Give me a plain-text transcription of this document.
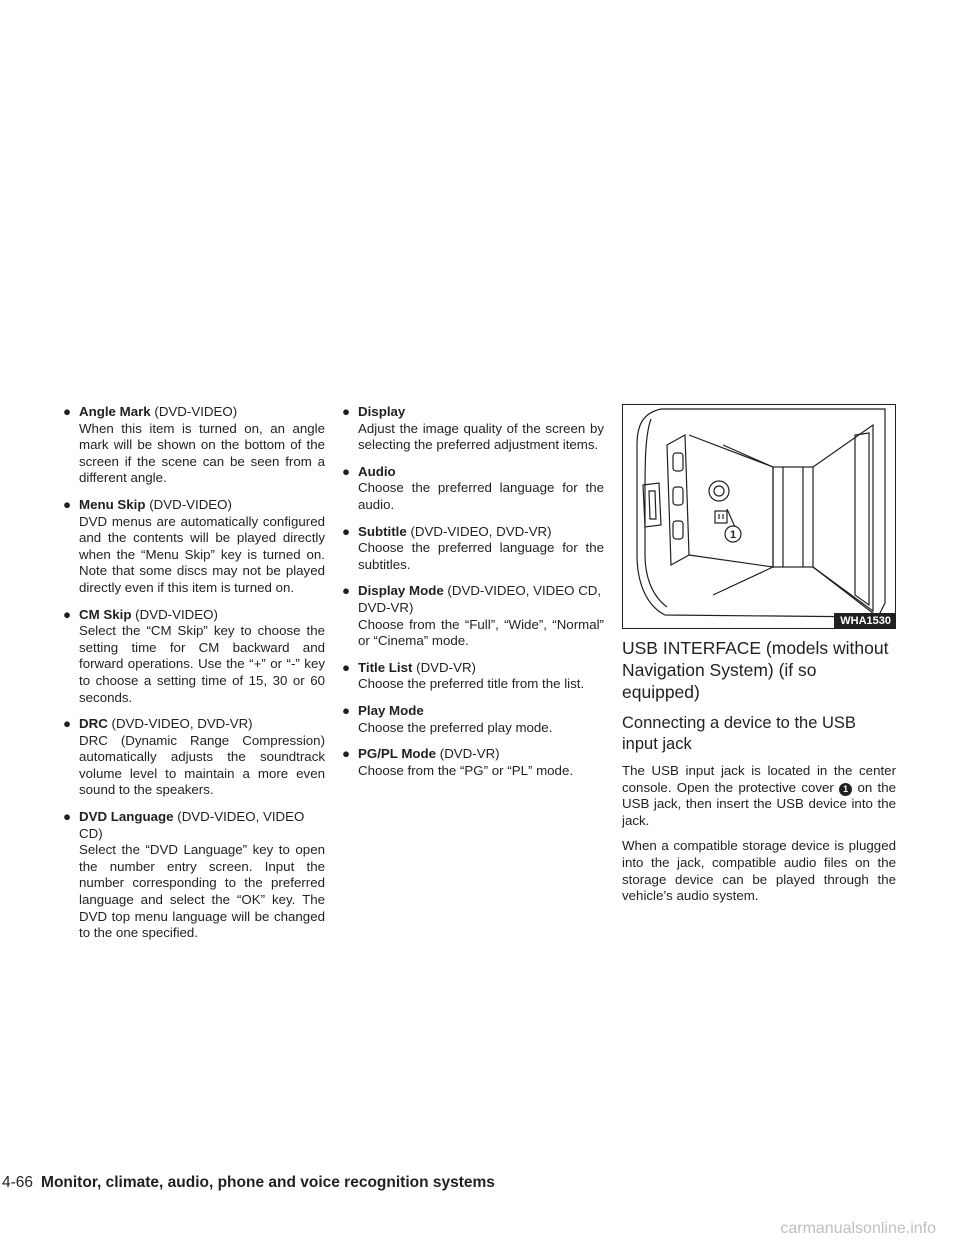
● Angle Mark (DVD-VIDEO)
When this item is turned on, an angle mark will be shown on the bottom of the screen if the scene can be seen from a different angle.
● Menu Skip (DVD-VIDEO)
DVD menus are automatically configured and the contents will be played directly when the “Menu Skip” key is turned on. Note that some discs may not be played directly even if this item is turned on.
● CM Skip (DVD-VIDEO)
Select the “CM Skip” key to choose the setting time for CM backward and forward operations. Use the “+” or “-” key to choose a setting time of 15, 30 or 60 seconds.
● DRC (DVD-VIDEO, DVD-VR)
DRC (Dynamic Range Compression) automatically adjusts the soundtrack volume level to maintain a more even sound to the speakers.
● DVD Language (DVD-VIDEO, VIDEO CD)
Select the “DVD Language” key to open the number entry screen. Input the number corresponding to the preferred language and select the “OK” key. The DVD top menu language will be changed to the one specified.
● Display
Adjust the image quality of the screen by selecting the preferred adjustment items.
● Audio
Choose the preferred language for the audio.
● Subtitle (DVD-VIDEO, DVD-VR)
Choose the preferred language for the subtitles.
● Display Mode (DVD-VIDEO, VIDEO CD, DVD-VR)
Choose from the “Full”, “Wide”, “Normal” or “Cinema” mode.
● Title List (DVD-VR)
Choose the preferred title from the list.
● Play Mode
Choose the preferred play mode.
● PG/PL Mode (DVD-VR)
Choose from the “PG” or “PL” mode.
1
WHA1530
USB INTERFACE (models without Navigation System) (if so equipped)
Connecting a device to the USB input jack

The USB input jack is located in the center console. Open the protective cover 1 on the USB jack, then insert the USB device into the jack.

When a compatible storage device is plugged into the jack, compatible audio files on the storage device can be played through the vehicle’s audio system.

4-66 Monitor, climate, audio, phone and voice recognition systems
carmanualsonline.info
